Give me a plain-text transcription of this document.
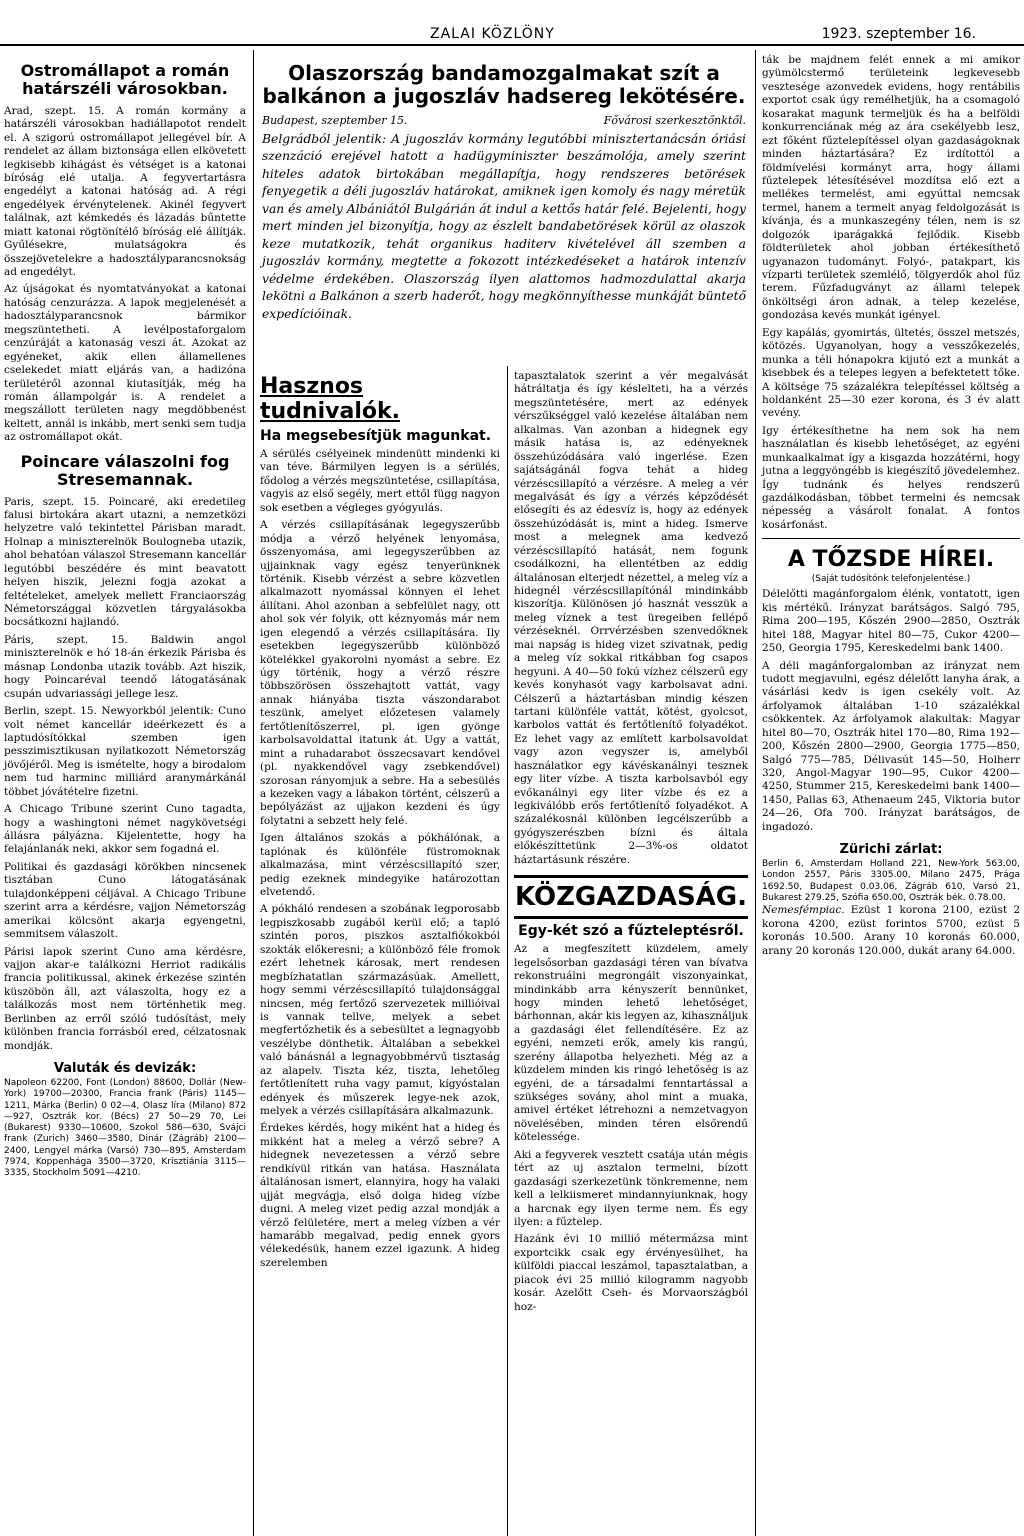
ZALAI KÖZLÖNY	1923. szeptember 16.
Ostromállapot a román határszéli városokban.

Arad, szept. 15. A román kormány a határszéli városokban hadiállapotot rendelt el. A szigorú ostromállapot jellegével bír. A rendelet az állam biztonsága ellen elkövetett legkisebb kihágást és vétséget is a katonai bíróság elé utalja. A fegyvertartásra engedélyt a katonai hatóság ad. A régi engedélyek érvénytelenek. Akinél fegyvert találnak, azt kémkedés és lázadás bűntette miatt katonai rögtönítélő bíróság elé állítják. Gyűlésekre, mulatságokra és összejövetelekre a hadosztályparancsnokság ad engedélyt.

Az újságokat és nyomtatványokat a katonai hatóság cenzurázza. A lapok megjelenését a hadosztályparancsnok bármikor megszüntetheti. A levélpostaforgalom cenzúráját a katonaság veszi át. Azokat az egyéneket, akik ellen államellenes cselekedet miatt eljárás van, a hadizóna területéről azonnal kiutasítják, még ha román állampolgár is. A rendelet a megszállott területen nagy megdöbbenést keltett, annál is inkább, mert senki sem tudja az ostromállapot okát.

Poincare válaszolni fog Stresemannak.

Paris, szept. 15. Poincaré, aki eredetileg falusi birtokára akart utazni, a nemzetközi helyzetre való tekintettel Párisban maradt. Holnap a miniszterelnök Boulogneba utazik, ahol behatóan válaszol Stresemann kancellár legutóbbi beszédére és mint beavatott helyen hiszik, jelezni fogja azokat a feltételeket, amelyek mellett Franciaország Németországgal közvetlen tárgyalásokba bocsátkozni hajlandó.

Páris, szept. 15. Baldwin angol miniszterelnök e hó 18-án érkezik Párisba és másnap Londonba utazik tovább. Azt hiszik, hogy Poincaréval teendő látogatásának csupán udvariassági jellege lesz.

Berlin, szept. 15. Newyorkból jelentik: Cuno volt német kancellár ideérkezett és a laptudósítókkal szemben igen pesszimisztikusan nyilatkozott Németország jövőjéről. Meg is ismételte, hogy a birodalom nem tud harminc milliárd aranymárkánál többet jóvátételre fizetni.

A Chicago Tribune szerint Cuno tagadta, hogy a washingtoni német nagykövetségi állásra pályázna. Kijelentette, hogy ha felajánlanák neki, akkor sem fogadná el.

Politikai és gazdasági körökben nincsenek tisztában Cuno látogatásának tulajdonképpeni céljával. A Chicago Tribune szerint arra a kérdésre, vajjon Németország amerikai kölcsönt akarja egyengetni, semmitsem válaszolt.

Párisi lapok szerint Cuno ama kérdésre, vajjon akar-e találkozni Herriot radikális francia politikussal, akinek érkezése szintén küszöbön áll, azt válaszolta, hogy ez a találkozás most nem történhetik meg. Berlinben az erről szóló tudósítást, mely különben francia forrásból ered, célzatosnak mondják.

Valuták és devizák:

Napoleon 62200, Font (London) 88600, Dollár (New-York) 19700—20300, Francia frank (Páris) 1145—1211, Márka (Berlin) 0 02—4, Olasz líra (Milano) 872—927, Osztrák kor. (Bécs) 27 50—29 70, Lei (Bukarest) 9330—10600, Szokol 586—630, Svájci frank (Zurich) 3460—3580, Dinár (Zágráb) 2100—2400, Lengyel márka (Varsó) 730—895, Amsterdam 7974, Koppenhága 3500—3720, Krisztiánia 3115—3335, Stockholm 5091—4210.

Olaszország bandamozgalmakat szít a balkánon a jugoszláv hadsereg lekötésére.
Budapest, szeptember 15.	Fővárosi szerkesztőnktől.

Belgrádból jelentik: A jugoszláv kormány legutóbbi minisztertanácsán óriási szenzáció erejével hatott a hadügyminiszter beszámolója, amely szerint hiteles adatok birtokában megállapítja, hogy rendszeres betörések fenyegetik a déli jugoszláv határokat, amiknek igen komoly és nagy méretük van és amely Albániától Bulgárián át indul a kettős határ felé. Bejelenti, hogy mert minden jel bizonyítja, hogy az észlelt bandabetörések körül az olaszok keze mutatkozik, tehát organikus haditerv kivételével áll szemben a jugoszláv kormány, megtette a fokozott intézkedéseket a határok intenzív védelme érdekében. Olaszország ilyen alattomos hadmozdulattal akarja lekötni a Balkánon a szerb haderőt, hogy megkönnyíthesse munkáját büntető expedícióinak.

Hasznos tudnivalók.
Ha megsebesítjük magunkat.

A sérülés csélyeinek mindenütt mindenki ki van téve. Bármilyen legyen is a sérülés, fődolog a vérzés megszüntetése, csillapítása, vagyis az első segély, mert ettől függ nagyon sok esetben a végleges gyógyulás.

A vérzés csillapításának legegyszerűbb módja a vérző helyének lenyomása, összenyomása, ami legegyszerűbben az ujjainknak vagy egész tenyerünknek történik. Kisebb vérzést a sebre közvetlen alkalmazott nyomással könnyen el lehet állítani. Ahol azonban a sebfelület nagy, ott ahol sok vér folyik, ott kéznyomás már nem igen elegendő a vérzés csillapítására. Ily esetekben legegyszerűbb különböző kötelékkel gyakorolni nyomást a sebre. Ez úgy történik, hogy a vérző részre többszörösen összehajtott vattát, vagy annak hiányába tiszta vászondarabot teszünk, amelyet előzetesen valamely fertőtlenítőszerrel, pl. igen gyönge karbolsavoldattal itatunk át. Ugy a vattát, mint a ruhadarabot összecsavart kendővel (pl. nyakkendővel vagy zsebkendővel) szorosan rányomjuk a sebre. Ha a sebesülés a kezeken vagy a lábakon történt, célszerű a bepólyázást az ujjakon kezdeni és úgy folytatni a sebzett hely felé.

Igen általános szokás a pókhálónak, a taplónak és különféle füstromoknak alkalmazása, mint vérzéscsillapító szer, pedig ezeknek mindegyike határozottan elvetendő.

A pókháló rendesen a szobának legporosabb legpiszkosabb zugából kerül elő; a tapló szintén poros, piszkos asztalfiókokból szokták előkeresni; a különböző féle fromok ezért lehetnek károsak, mert rendesen megbízhatatlan származásúak. Amellett, hogy semmi vérzéscsillapító tulajdonsággal nincsen, még fertőző szervezetek millióival is vannak tellve, melyek a sebet megfertőzhetik és a sebesültet a legnagyobb veszélybe dönthetik. Általában a sebekkel való bánásnál a legnagyobbmérvű tisztaság az alapelv. Tiszta kéz, tiszta, lehetőleg fertőtlenített ruha vagy pamut, kígyóstalan edények és műszerek legye-nek azok, melyek a vérzés csillapítására alkalmazunk.

Érdekes kérdés, hogy miként hat a hideg és mikként hat a meleg a vérző sebre? A hidegnek nevezetessen a vérző sebre rendkívül ritkán van hatása. Használata általánosan ismert, elannyira, hogy ha valaki ujját megvágja, első dolga hideg vízbe dugni. A meleg vizet pedig azzal mondják a vérző felületére, mert a meleg vízben a vér hamarább megalvad, pedig ennek gyors vélekedésük, hanem ezzel igazunk. A hideg szerelemben

tapasztalatok szerint a vér megalvását hátráltatja és így késlelteti, ha a vérzés megszüntetésére, mert az edények vérszűkséggel való kezelése általában nem alkalmas. Van azonban a hidegnek egy másik hatása is, az edényeknek összehúzódására való ingerlése. Ezen sajátságánál fogva tehát a hideg vérzéscsillapító a vérzésre. A meleg a vér megalvását és így a vérzés képződését elősegíti és az édesvíz is, hogy az edények összehúzódását is, mint a hideg. Ismerve most a melegnek ama kedvező vérzéscsillapító hatását, nem fogunk csodálkozni, ha ellentétben az eddig általánosan elterjedt nézettel, a meleg víz a hidegnél vérzéscsillapítónál mindinkább kiszorítja. Különösen jó hasznát vesszük a meleg víznek a test üregeiben fellépő vérzéseknél. Orrvérzésben szenvedőknek mai napság is hideg vizet szivatnak, pedig a meleg víz sokkal ritkábban fog csapos hegyuni. A 40—50 fokú vízhez célszerű egy kevés konyhasót vagy karbolsavat adni. Célszerű a háztartásban mindig készen tartani különféle vattát, kötést, gyolcsot, karbolos vattát és fertőtlenítő folyadékot. Ez lehet vagy az említett karbolsavoldat vagy azon vegyszer is, amelyből használatkor egy kávéskanálnyi tesznek egy liter vízbe. A tiszta karbolsavból egy evőkanálnyi egy liter vízbe és ez a legkiválóbb erős fertőtlenítő folyadékot. A százalékosnál különben legcélszerűbb a gyógyszerészben bízni és általa előkészíttetünk 2—3%-os oldatot háztartásunk részére.

KÖZGAZDASÁG.
Egy-két szó a fűzteleptésről.

Az a megfeszített küzdelem, amely legelsősorban gazdasági téren van bívatva rekonstruálni megrongált viszonyainkat, mindinkább arra kényszerít bennünket, hogy minden lehető lehetőséget, bárhonnan, akár kis legyen az, kihasználjuk a gazdasági élet fellendítésére. Ez az egyéni, nemzeti erők, amely kis rangú, szerény állapotba helyezheti. Még az a küzdelem minden kis ringó lehetőség is az egyéni, de a társadalmi fenntartással a szükséges sovány, ahol mint a muaka, amivel értéket létrehozni a nemzetvagyon növelésében, minden téren elsőrendű kötelessége.

Aki a fegyverek vesztett csatája után mégis tért az uj asztalon termelni, bízott gazdasági szerkezetünk tönkremenne, nem kell a lelkiismeret mindannyiunknak, hogy a harcnak egy ilyen terme nem. És egy ilyen: a fűztelep.

Hazánk évi 10 millió métermázsa mint exportcikk csak egy érvényesülhet, ha külföldi piaccal leszámol, tapasztalatban, a piacok évi 25 millió kilogramm nagyobb kosár. Azelőtt Cseh- és Morvaországból hoz-

ták be majdnem felét ennek a mi amikor gyümölcstermő területeink legkevesebb vesztesége azonvedek evidens, hogy rentábilis exportot csak úgy remélhetjük, ha a csomagoló kosarakat magunk termeljük és ha a belföldi konkurrenciának még az ára csekélyebb lesz, ezt főként fűztelepítéssel olyan gazdaságoknak minden háztartására? Ez irdítottól a földmívelési kormányt arra, hogy állami fűztelepek létesítésével mozdítsa elő ezt a mellékes termelést, ami egyúttal nemcsak termel, hanem a termelt anyag feldolgozását is kívánja, és a munkaszegény télen, nem is sz dolgozók iparágakká fejlődik. Kisebb földterületek ahol jobban értékesíthető ugyanazon tudományt. Folyó-, patakpart, kis vízparti területek szemlélő, tölgyerdők ahol fűz terem. Fűzfadugványt az állami telepek önköltségi áron adnak, a telep kezelése, gondozása kevés munkát igényel.

Egy kapálás, gyomirtás, ültetés, összel metszés, kötözés. Ugyanolyan, hogy a vesszőkezelés, munka a téli hónapokra kijutó ezt a munkát a kisebbek és a telepes legyen a befektetett tőke. A költsége 75 százalékra telepítéssel költség a holdanként 25—30 ezer korona, és 3 év alatt vevény.

Igy értékesíthetne ha nem sok ha nem használatlan és kisebb lehetőséget, az egyéni munkaalkalmat így a kisgazda hozzátérni, hogy jutna a leggyöngébb is kiegészítő jövedelemhez. Így tudnánk és helyes rendszerű gazdálkodásban, többet termelni és nemcsak népesség a vásárolt fonalat. A fontos kosárfonást.

A TŐZSDE HÍREI.
(Saját tudósítónk telefonjelentése.)

Délelőtti magánforgalom élénk, vontatott, igen kis mértékű. Irányzat barátságos. Salgó 795, Rima 200—195, Kőszén 2900—2850, Osztrák hitel 188, Magyar hitel 80—75, Cukor 4200—250, Georgia 1795, Kereskedelmi bank 1400.

A déli magánforgalomban az irányzat nem tudott megjavulni, egész délelőtt lanyha árak, a vásárlási kedv is igen csekély volt. Az árfolyamok általában 1-10 százalékkal csökkentek. Az árfolyamok alakultak: Magyar hitel 80—70, Osztrák hitel 170—80, Rima 192—200, Kőszén 2800—2900, Georgia 1775—850, Salgó 775—785, Délivasút 145—50, Holherr 320, Angol-Magyar 190—95, Cukor 4200—4250, Stummer 215, Kereskedelmi bank 1400—1450, Pallas 63, Athenaeum 245, Viktoria butor 24—26, Ofa 700. Irányzat barátságos, de ingadozó.

Zürichi zárlat:

Berlin 6, Amsterdam Holland 221, New-York 563.00, London 2557, Páris 3305.00, Milano 2475, Prága 1692.50, Budapest 0.03.06, Zágráb 610, Varsó 21, Bukarest 279.25, Szófia 650.00, Osztrák bék. 0.78.00.

Nemesfémpiac. Ezüst 1 korona 2100, ezüst 2 korona 4200, ezüst forintos 5700, ezüst 5 koronás 10.500. Arany 10 koronás 60.000, arany 20 koronás 120.000, dukát arany 64.000.
